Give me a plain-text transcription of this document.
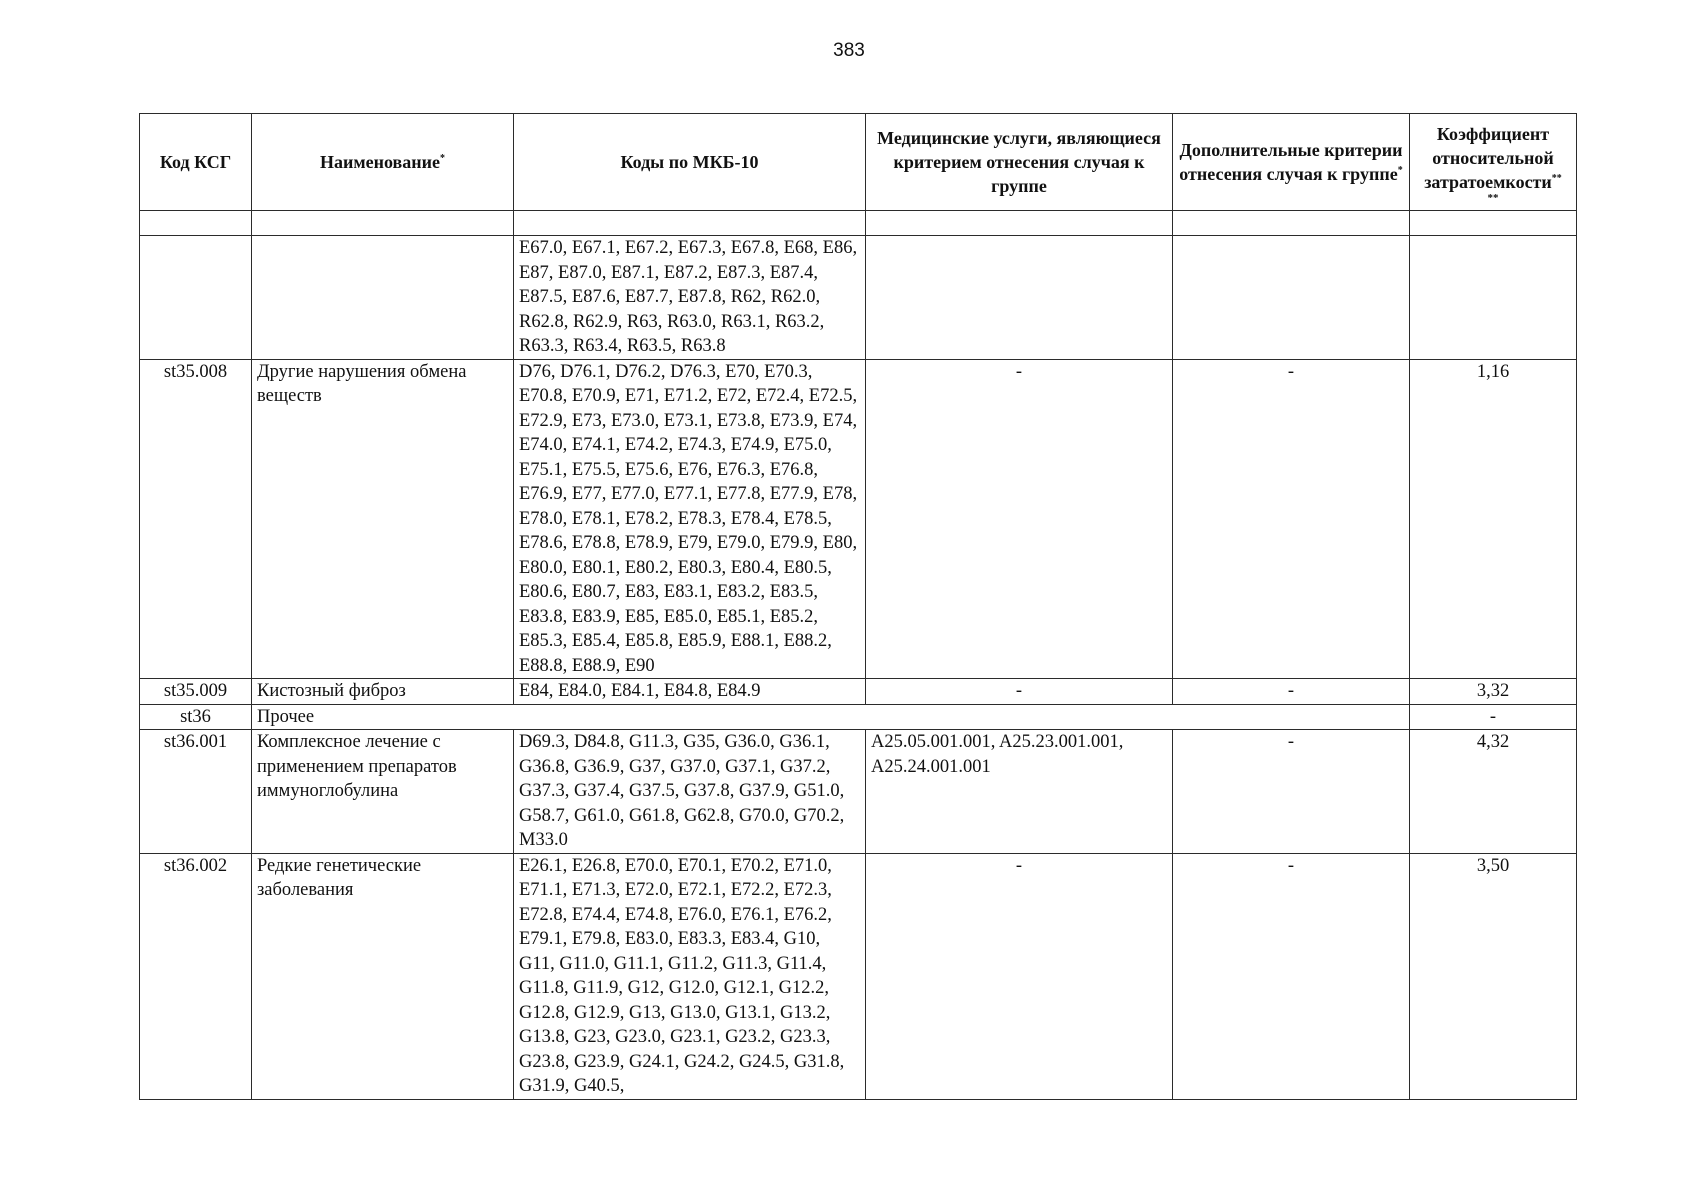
383
Код КСГ	Наименование*	Коды по МКБ-10	Медицинские услуги, являющиеся критерием отнесения случая к группе	Дополнительные критерии отнесения случая к группе*	Коэффициент относительной затратоемкости**
**

		E67.0, E67.1, E67.2, E67.3, E67.8, E68, E86, E87, E87.0, E87.1, E87.2, E87.3, E87.4, E87.5, E87.6, E87.7, E87.8, R62, R62.0, R62.8, R62.9, R63, R63.0, R63.1, R63.2, R63.3, R63.4, R63.5, R63.8			
st35.008	Другие нарушения обмена веществ	D76, D76.1, D76.2, D76.3, E70, E70.3, E70.8, E70.9, E71, E71.2, E72, E72.4, E72.5, E72.9, E73, E73.0, E73.1, E73.8, E73.9, E74, E74.0, E74.1, E74.2, E74.3, E74.9, E75.0, E75.1, E75.5, E75.6, E76, E76.3, E76.8, E76.9, E77, E77.0, E77.1, E77.8, E77.9, E78, E78.0, E78.1, E78.2, E78.3, E78.4, E78.5, E78.6, E78.8, E78.9, E79, E79.0, E79.9, E80, E80.0, E80.1, E80.2, E80.3, E80.4, E80.5, E80.6, E80.7, E83, E83.1, E83.2, E83.5, E83.8, E83.9, E85, E85.0, E85.1, E85.2, E85.3, E85.4, E85.8, E85.9, E88.1, E88.2, E88.8, E88.9, E90	-	-	1,16
st35.009	Кистозный фиброз	E84, E84.0, E84.1, E84.8, E84.9	-	-	3,32
st36	Прочее				-
st36.001	Комплексное лечение с применением препаратов иммуноглобулина	D69.3, D84.8, G11.3, G35, G36.0, G36.1, G36.8, G36.9, G37, G37.0, G37.1, G37.2, G37.3, G37.4, G37.5, G37.8, G37.9, G51.0, G58.7, G61.0, G61.8, G62.8, G70.0, G70.2, M33.0	A25.05.001.001, A25.23.001.001, A25.24.001.001	-	4,32
st36.002	Редкие генетические заболевания	E26.1, E26.8, E70.0, E70.1, E70.2, E71.0, E71.1, E71.3, E72.0, E72.1, E72.2, E72.3, E72.8, E74.4, E74.8, E76.0, E76.1, E76.2, E79.1, E79.8, E83.0, E83.3, E83.4, G10, G11, G11.0, G11.1, G11.2, G11.3, G11.4, G11.8, G11.9, G12, G12.0, G12.1, G12.2, G12.8, G12.9, G13, G13.0, G13.1, G13.2, G13.8, G23, G23.0, G23.1, G23.2, G23.3, G23.8, G23.9, G24.1, G24.2, G24.5, G31.8, G31.9, G40.5,	-	-	3,50
